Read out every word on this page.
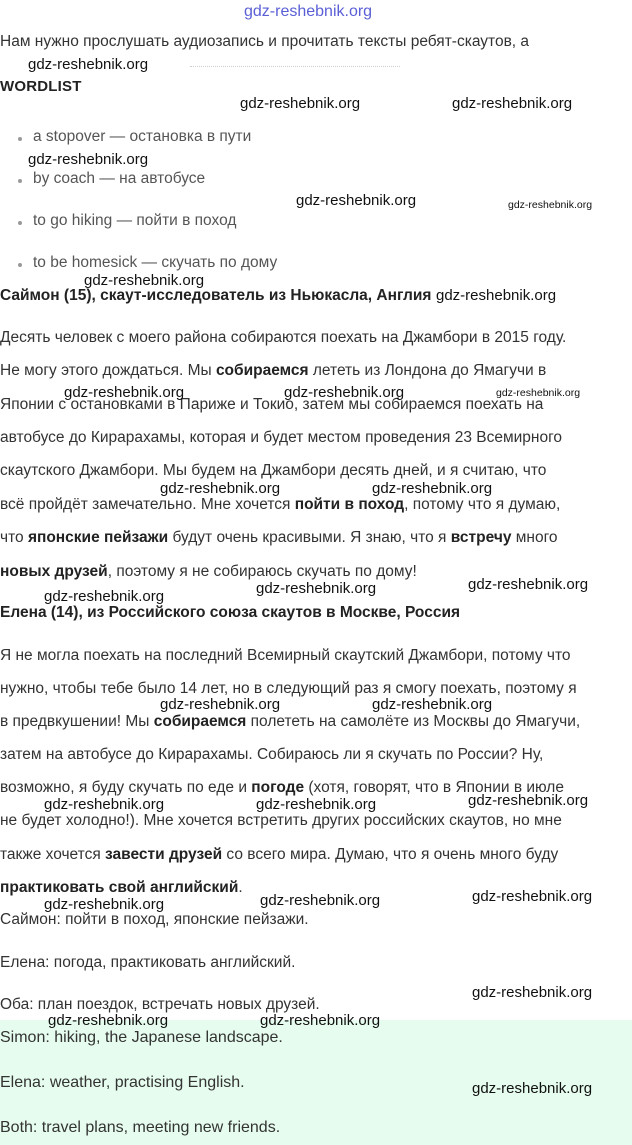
gdz-reshebnik.org
Нам нужно прослушать аудиозапись и прочитать тексты ребят-скаутов, а
WORDLIST
a stopover — остановка в пути
by coach — на автобусе
to go hiking — пойти в поход
to be homesick — скучать по дому
Саймон (15), скаут-исследователь из Ньюкасла, Англия
Десять человек с моего района собираются поехать на Джамбори в 2015 году.
Не могу этого дождаться. Мы собираемся лететь из Лондона до Ямагучи в
Японии с остановками в Париже и Токио, затем мы собираемся поехать на
автобусе до Кирарахамы, которая и будет местом проведения 23 Всемирного
скаутского Джамбори. Мы будем на Джамбори десять дней, и я считаю, что
всё пройдёт замечательно. Мне хочется пойти в поход, потому что я думаю,
что японские пейзажи будут очень красивыми. Я знаю, что я встречу много
новых друзей, поэтому я не собираюсь скучать по дому!
Елена (14), из Российского союза скаутов в Москве, Россия
Я не могла поехать на последний Всемирный скаутский Джамбори, потому что
нужно, чтобы тебе было 14 лет, но в следующий раз я смогу поехать, поэтому я
в предвкушении! Мы собираемся полететь на самолёте из Москвы до Ямагучи,
затем на автобусе до Кирарахамы. Собираюсь ли я скучать по России? Ну,
возможно, я буду скучать по еде и погоде (хотя, говорят, что в Японии в июле
не будет холодно!). Мне хочется встретить других российских скаутов, но мне
также хочется завести друзей со всего мира. Думаю, что я очень много буду
практиковать свой английский.
Саймон: пойти в поход, японские пейзажи.
Елена: погода, практиковать английский.
Оба: план поездок, встречать новых друзей.
Simon: hiking, the Japanese landscape.
Elena: weather, practising English.
Both: travel plans, meeting new friends.
gdz-reshebnik.org
gdz-reshebnik.org	gdz-reshebnik.org
gdz-reshebnik.org
gdz-reshebnik.org	gdz-reshebnik.org
gdz-reshebnik.org
gdz-reshebnik.org
gdz-reshebnik.org	gdz-reshebnik.org	gdz-reshebnik.org
gdz-reshebnik.org	gdz-reshebnik.org
gdz-reshebnik.org	gdz-reshebnik.org
gdz-reshebnik.org
gdz-reshebnik.org	gdz-reshebnik.org
gdz-reshebnik.org
gdz-reshebnik.org	gdz-reshebnik.org
gdz-reshebnik.org	gdz-reshebnik.org	gdz-reshebnik.org
gdz-reshebnik.org
gdz-reshebnik.org	gdz-reshebnik.org
gdz-reshebnik.org
